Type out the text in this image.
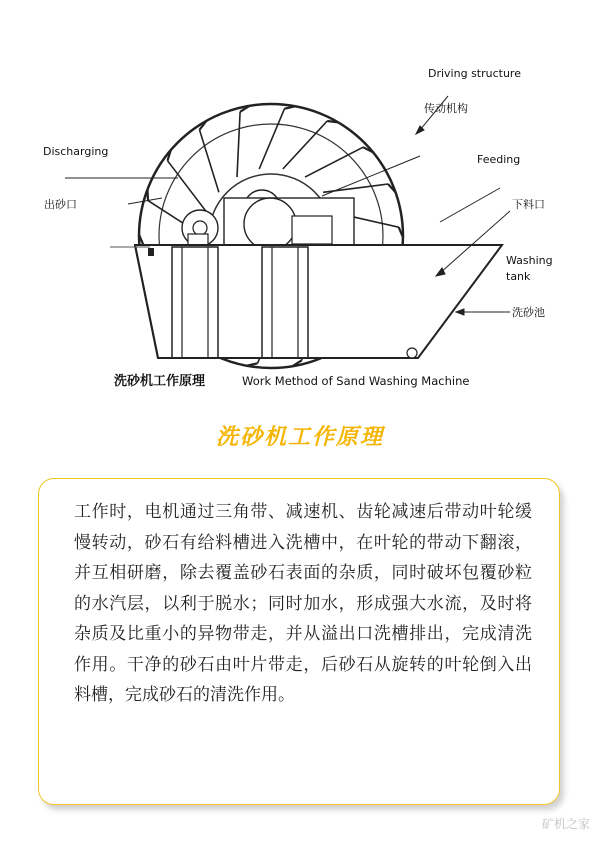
Driving structure
传动机构
Discharging
出砂口
Feeding
下料口
Washing
tank
洗砂池
洗砂机工作原理	Work Method of Sand Washing Machine
洗砂机工作原理

工作时，电机通过三角带、减速机、齿轮减速后带动叶轮缓慢转动，砂石有给料槽进入洗槽中，在叶轮的带动下翻滚，并互相研磨，除去覆盖砂石表面的杂质，同时破坏包覆砂粒的水汽层，以利于脱水；同时加水，形成强大水流，及时将杂质及比重小的异物带走，并从溢出口洗槽排出，完成清洗作用。干净的砂石由叶片带走，后砂石从旋转的叶轮倒入出料槽，完成砂石的清洗作用。

矿机之家
